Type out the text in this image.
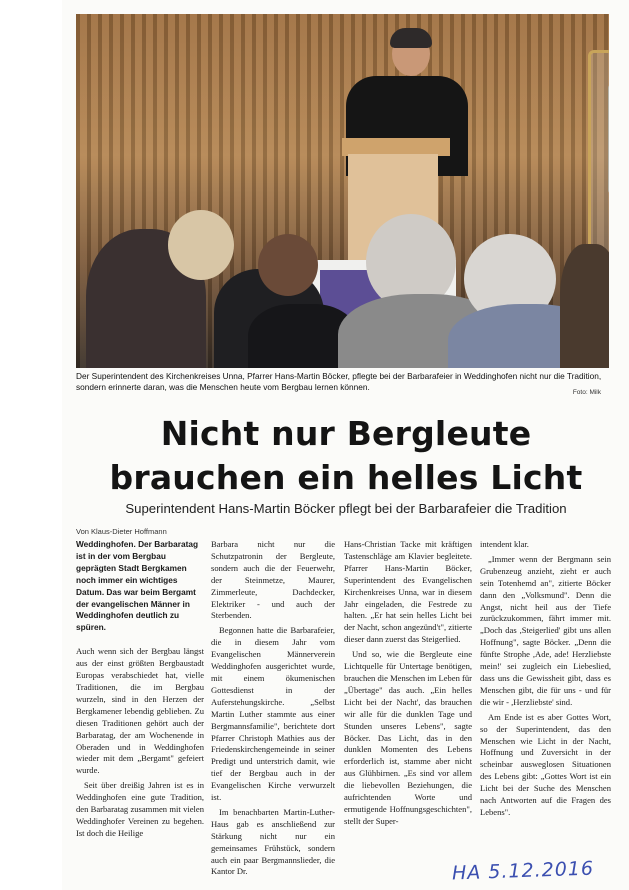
Der Superintendent des Kirchenkreises Unna, Pfarrer Hans-Martin Böcker, pflegte bei der Barbarafeier in Weddinghofen nicht nur die Tradition, sondern erinnerte daran, was die Menschen heute vom Bergbau lernen können.
Foto: Milk
Nicht nur Bergleute brauchen ein helles Licht
Superintendent Hans-Martin Böcker pflegt bei der Barbarafeier die Tradition
Von Klaus-Dieter Hoffmann

Weddinghofen. Der Barbaratag ist in der vom Bergbau geprägten Stadt Bergkamen noch immer ein wichtiges Datum. Das war beim Bergamt der evangelischen Männer in Weddinghofen deutlich zu spüren.

Auch wenn sich der Bergbau längst aus der einst größten Bergbaustadt Europas verabschiedet hat, vielle Traditionen, die im Bergbau wurzeln, sind in den Herzen der Bergkamener lebendig geblieben. Zu diesen Traditionen gehört auch der Barbaratag, der am Wochenende in Oberaden und in Weddinghofen wieder mit dem „Bergamt" gefeiert wurde.

Seit über dreißig Jahren ist es in Weddinghofen eine gute Tradition, den Barbaratag zusammen mit vielen Weddinghofer Vereinen zu begehen. Ist doch die Heilige

Barbara nicht nur die Schutzpatronin der Bergleute, sondern auch die der Feuerwehr, der Steinmetze, Maurer, Zimmerleute, Dachdecker, Elektriker - und auch der Sterbenden.

Begonnen hatte die Barbarafeier, die in diesem Jahr vom Evangelischen Männerverein Weddinghofen ausgerichtet wurde, mit einem ökumenischen Gottesdienst in der Auferstehungskirche. „Selbst Martin Luther stammte aus einer Bergmannsfamilie", berichtete dort Pfarrer Christoph Mathies aus der Friedenskirchengemeinde in seiner Predigt und unterstrich damit, wie tief der Bergbau auch in der Evangelischen Kirche verwurzelt ist.

Im benachbarten Martin-Luther-Haus gab es anschließend zur Stärkung nicht nur ein gemeinsames Frühstück, sondern auch ein paar Bergmannslieder, die Kantor Dr.

Hans-Christian Tacke mit kräftigen Tastenschläge am Klavier begleitete. Pfarrer Hans-Martin Böcker, Superintendent des Evangelischen Kirchenkreises Unna, war in diesem Jahr eingeladen, die Festrede zu halten. „Er hat sein helles Licht bei der Nacht, schon angezünd't", zitierte dieser dann zuerst das Steigerlied.

Und so, wie die Bergleute eine Lichtquelle für Untertage benötigen, brauchen die Menschen im Leben für „Übertage" das auch. „Ein helles Licht bei der Nacht', das brauchen wir alle für die dunklen Tage und Stunden unseres Lebens", sagte Böcker. Das Licht, das in den dunklen Momenten des Lebens erforderlich ist, stamme aber nicht aus Glühbirnen. „Es sind vor allem die liebevollen Beziehungen, die aufrichtenden Worte und ermutigende Hoffnungsgeschichten", stellt der Super-

intendent klar.

„Immer wenn der Bergmann sein Grubenzeug anzieht, zieht er auch sein Totenhemd an", zitierte Böcker dann den „Volksmund". Denn die Angst, nicht heil aus der Tiefe zurückzukommen, fährt immer mit. „Doch das ,Steigerlied' gibt uns allen Hoffnung", sagte Böcker. „Denn die fünfte Strophe ,Ade, ade! Herzliebste mein!' sei zugleich ein Liebeslied, dass uns die Gewissheit gibt, dass es Menschen gibt, die für uns - und für die wir - ,Herzliebste' sind.

Am Ende ist es aber Gottes Wort, so der Superintendent, das den Menschen wie Licht in der Nacht, Hoffnung und Zuversicht in der scheinbar ausweglosen Situationen des Lebens gibt: „Gottes Wort ist ein Licht bei der Suche des Menschen nach Antworten auf die Fragen des Lebens".

HA 5.12.2016
